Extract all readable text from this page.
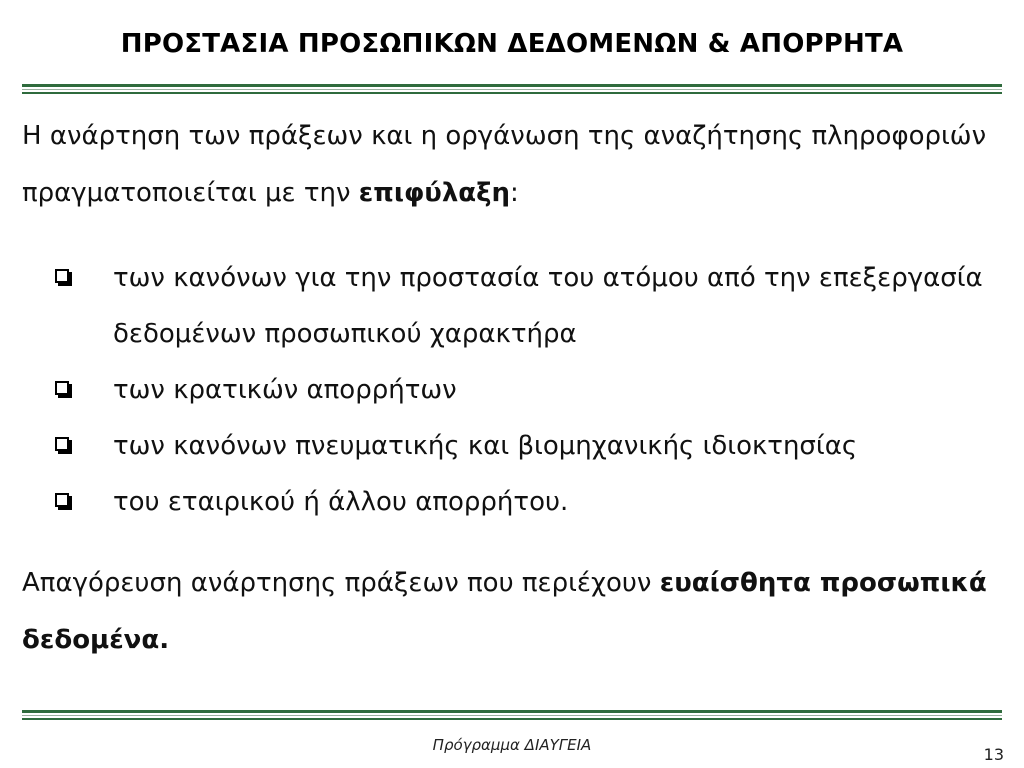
ΠΡΟΣΤΑΣΙΑ ΠΡΟΣΩΠΙΚΩΝ ΔΕΔΟΜΕΝΩΝ & ΑΠΟΡΡΗΤΑ

Η ανάρτηση των πράξεων και η οργάνωση της αναζήτησης πληροφοριών πραγματοποιείται με την επιφύλαξη:

των κανόνων για την προστασία του ατόμου από την επεξεργασία δεδομένων προσωπικού χαρακτήρα
των κρατικών απορρήτων
των κανόνων πνευματικής και βιομηχανικής ιδιοκτησίας
του εταιρικού ή άλλου απορρήτου.

Απαγόρευση ανάρτησης πράξεων που περιέχουν ευαίσθητα προσωπικά δεδομένα.

Πρόγραμμα ΔΙΑΥΓΕΙΑ	13
